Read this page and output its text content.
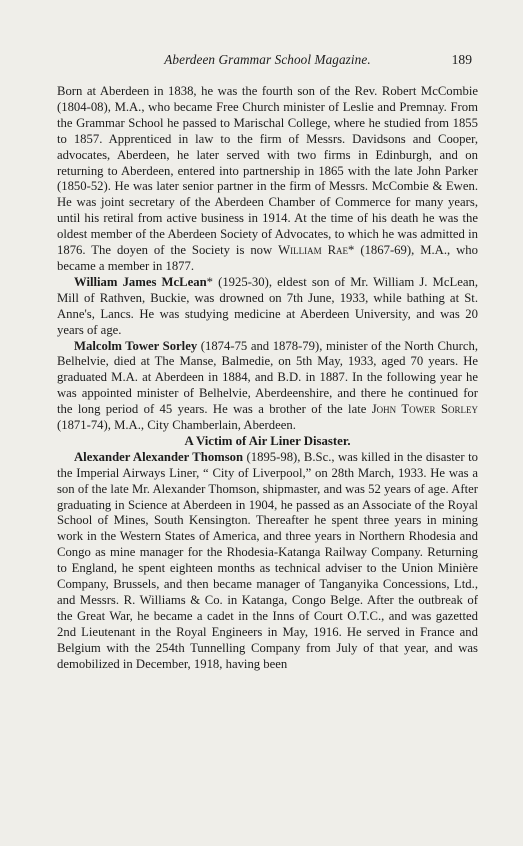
Aberdeen Grammar School Magazine.	189

Born at Aberdeen in 1838, he was the fourth son of the Rev. Robert McCombie (1804-08), M.A., who became Free Church minister of Leslie and Premnay. From the Grammar School he passed to Marischal College, where he studied from 1855 to 1857. Apprenticed in law to the firm of Messrs. Davidsons and Cooper, advocates, Aberdeen, he later served with two firms in Edinburgh, and on returning to Aberdeen, entered into partnership in 1865 with the late John Parker (1850-52). He was later senior partner in the firm of Messrs. McCombie & Ewen. He was joint secretary of the Aberdeen Chamber of Commerce for many years, until his retiral from active business in 1914. At the time of his death he was the oldest member of the Aberdeen Society of Advocates, to which he was admitted in 1876. The doyen of the Society is now William Rae* (1867-69), M.A., who became a member in 1877.

William James McLean* (1925-30), eldest son of Mr. William J. McLean, Mill of Rathven, Buckie, was drowned on 7th June, 1933, while bathing at St. Anne's, Lancs. He was studying medicine at Aberdeen University, and was 20 years of age.

Malcolm Tower Sorley (1874-75 and 1878-79), minister of the North Church, Belhelvie, died at The Manse, Balmedie, on 5th May, 1933, aged 70 years. He graduated M.A. at Aberdeen in 1884, and B.D. in 1887. In the following year he was appointed minister of Belhelvie, Aberdeenshire, and there he continued for the long period of 45 years. He was a brother of the late John Tower Sorley (1871-74), M.A., City Chamberlain, Aberdeen.

A Victim of Air Liner Disaster.

Alexander Alexander Thomson (1895-98), B.Sc., was killed in the disaster to the Imperial Airways Liner, “ City of Liverpool,” on 28th March, 1933. He was a son of the late Mr. Alexander Thomson, shipmaster, and was 52 years of age. After graduating in Science at Aberdeen in 1904, he passed as an Associate of the Royal School of Mines, South Kensington. Thereafter he spent three years in mining work in the Western States of America, and three years in Northern Rhodesia and Congo as mine manager for the Rhodesia-Katanga Railway Company. Returning to England, he spent eighteen months as technical adviser to the Union Minière Company, Brussels, and then became manager of Tanganyika Concessions, Ltd., and Messrs. R. Williams & Co. in Katanga, Congo Belge. After the outbreak of the Great War, he became a cadet in the Inns of Court O.T.C., and was gazetted 2nd Lieutenant in the Royal Engineers in May, 1916. He served in France and Belgium with the 254th Tunnelling Company from July of that year, and was demobilized in December, 1918, having been
